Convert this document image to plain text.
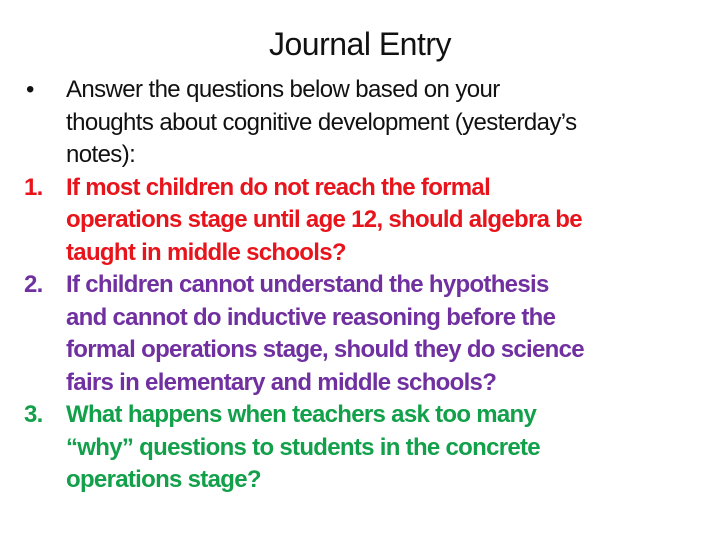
Journal Entry
• Answer the questions below based on your
thoughts about cognitive development (yesterday’s
notes):
1. If most children do not reach the formal
operations stage until age 12, should algebra be
taught in middle schools?
2. If children cannot understand the hypothesis
and cannot do inductive reasoning before the
formal operations stage, should they do science
fairs in elementary and middle schools?
3. What happens when teachers ask too many
“why” questions to students in the concrete
operations stage?
